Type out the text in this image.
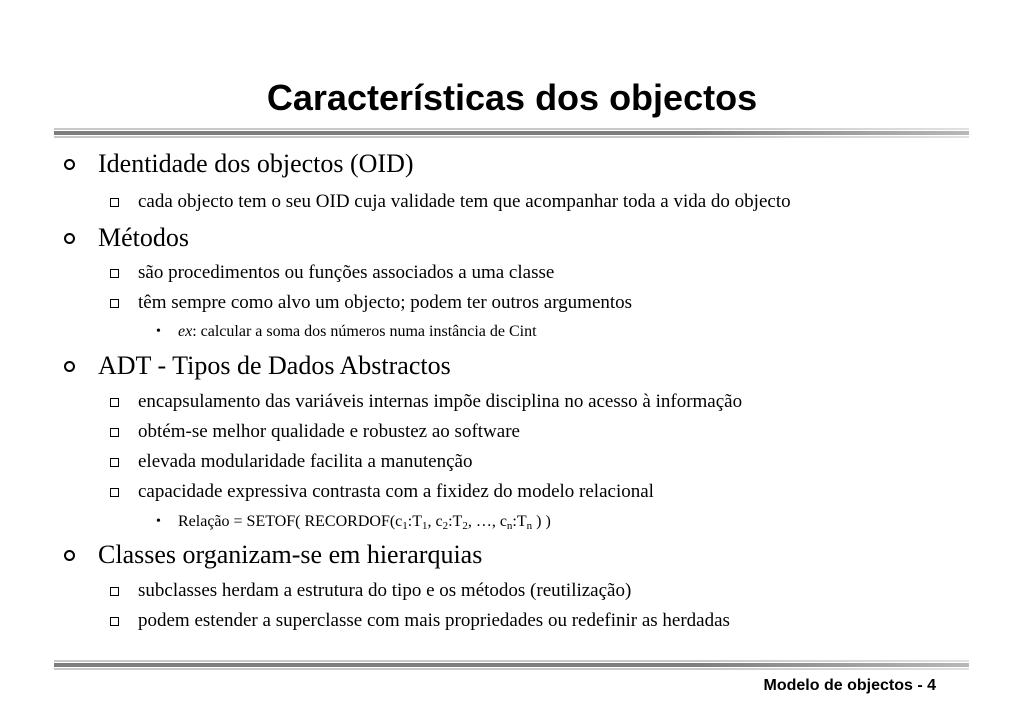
Características dos objectos
Identidade dos objectos (OID)
cada objecto tem o seu OID cuja validade tem que acompanhar toda a vida do objecto
Métodos
são procedimentos ou funções associados a uma classe
têm sempre como alvo um objecto; podem ter outros argumentos
• ex: calcular a soma dos números numa instância de Cint
ADT - Tipos de Dados Abstractos
encapsulamento das variáveis internas impõe disciplina no acesso à informação
obtém-se melhor qualidade e robustez ao software
elevada modularidade facilita a manutenção
capacidade expressiva contrasta com a fixidez do modelo relacional
• Relação = SETOF( $RECORDOF(c_1:T_1$, $c_2:T_2$, …, $c_n:T_n$ ) )
Classes organizam-se em hierarquias
subclasses herdam a estrutura do tipo e os métodos (reutilização)
podem estender a superclasse com mais propriedades ou redefinir as herdadas
Modelo de objectos - 4
